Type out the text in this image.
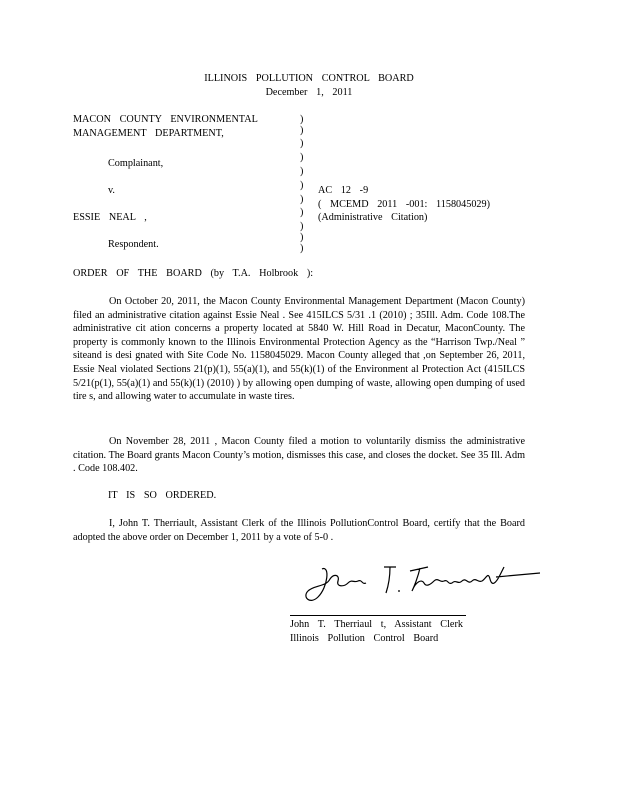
ILLINOIS POLLUTION CONTROL BOARD
December 1, 2011
MACON COUNTY ENVIRONMENTAL
MANAGEMENT DEPARTMENT,
Complainant,
v.
ESSIE NEAL ,
Respondent.
)
)
)
)
)
)
)
)
)
)
)
AC 12 -9
( MCEMD 2011 -001: 1158045029)
(Administrative Citation)
ORDER OF THE BOARD (by T.A. Holbrook ):
On October 20, 2011, the Macon County Environmental Management Department (Macon County) filed an administrative citation against Essie Neal . See 415ILCS 5/31 .1 (2010) ; 35Ill. Adm. Code 108.The administrative cit ation concerns a property located at 5840 W. Hill Road in Decatur, MaconCounty. The property is commonly known to the Illinois Environmental Protection Agency as the “Harrison Twp./Neal ” siteand is desi gnated with Site Code No. 1158045029. Macon County alleged that ,on September 26, 2011, Essie Neal violated Sections 21(p)(1), 55(a)(1), and 55(k)(1) of the Environment al Protection Act (415ILCS 5/21(p(1), 55(a)(1) and 55(k)(1) (2010) ) by allowing open dumping of waste, allowing open dumping of used tire s, and allowing water to accumulate in waste tires.
On November 28, 2011 , Macon County filed a motion to voluntarily dismiss the administrative citation. The Board grants Macon County’s motion, dismisses this case, and closes the docket. See 35 Ill. Adm . Code 108.402.
IT IS SO ORDERED.
I, John T. Therriault, Assistant Clerk of the Illinois PollutionControl Board, certify that the Board adopted the above order on December 1, 2011 by a vote of 5-0 .
John T. Therriaul t, Assistant Clerk
Illinois Pollution Control Board
